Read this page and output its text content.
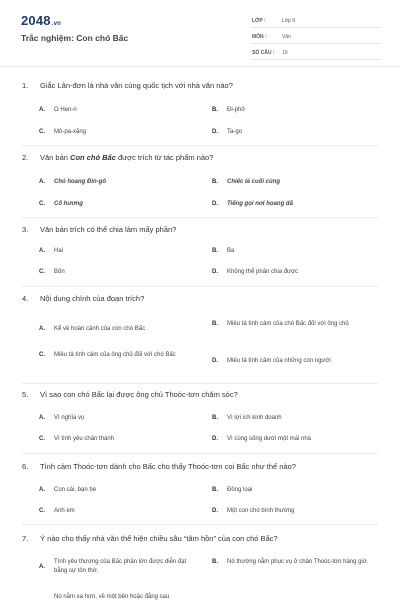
2048.vn
Trắc nghiệm: Con chó Bấc
LỚP :	Lớp 9
MÔN :	Văn
SỐ CÂU :	10
1. Giắc Lân-đơn là nhà văn cùng quốc tịch với nhà văn nào?
A.	O Hen-ri	B.	Đi-phô
C.	Mô-pa-xăng	D.	Ta-go
2. Văn bản Con chó Bấc được trích từ tác phẩm nào?
A.	Chó hoang Đin-gô	B.	Chiếc lá cuối cùng
C.	Cố hương	D.	Tiếng gọi nơi hoang dã
3. Văn bản trích có thể chia làm mấy phần?
A.	Hai	B.	Ba
C.	Bốn	D.	Không thể phân chia được
4. Nội dung chính của đoạn trích?
A.	Kể về hoàn cảnh của con chó Bấc
B.	Miêu tả tình cảm của chó Bấc đối với ông chủ
C.	Miêu tả tình cảm của ông chủ đối với chó Bấc
D.	Miêu tả tình cảm của những con người
5. Vì sao con chó Bấc lại được ông chủ Thoóc-tơn chăm sóc?
A.	Vì nghĩa vụ	B.	Vì lợi ích kinh doanh
C.	Vì tình yêu chân thành	D.	Vì cùng sống dưới một mái nhà
6. Tình cảm Thoóc-tơn dành cho Bấc cho thấy Thoóc-tơn coi Bấc như thế nào?
A.	Con cái, bạn bè	B.	Đồng loại
C.	Anh em	D.	Một con chó bình thường
7. Ý nào cho thấy nhà văn thể hiện chiều sâu “tâm hồn” của con chó Bấc?
A.
Tình yêu thương của Bấc phần lớn được diễn đạt bằng sự tôn thờ.
B.	Nó thường nằm phục vụ ở chân Thoóc-tơn hàng giờ.
Nó nằm xa hơn, về một bên hoặc đằng sau
